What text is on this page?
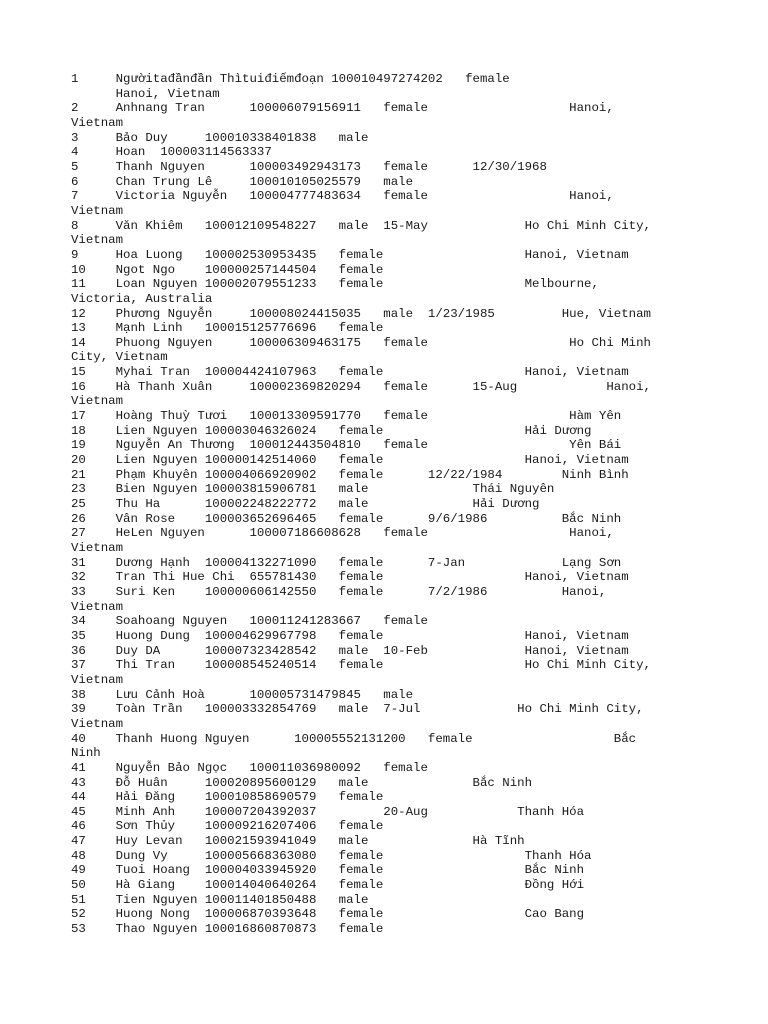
1     Ngườitađầnđần Thìtuiđiếmđoạn 100010497274202   female
Hanoi, Vietnam
2     Anhnang Tran      100006079156911   female                   Hanoi,
Vietnam
3     Bảo Duy     100010338401838   male
4     Hoan  100003114563337
5     Thanh Nguyen      100003492943173   female      12/30/1968
6     Chan Trung Lê     100010105025579   male
7     Victoria Nguyễn   100004777483634   female                   Hanoi,
Vietnam
8     Văn Khiêm   100012109548227   male  15-May             Ho Chi Minh City,
Vietnam
9     Hoa Luong   100002530953435   female                   Hanoi, Vietnam
10    Ngot Ngo    100000257144504   female
11    Loan Nguyen 100002079551233   female                   Melbourne,
Victoria, Australia
12    Phương Nguyễn     100008024415035   male  1/23/1985         Hue, Vietnam
13    Mạnh Linh   100015125776696   female
14    Phuong Nguyen     100006309463175   female                   Ho Chi Minh
City, Vietnam
15    Myhai Tran  100004424107963   female                   Hanoi, Vietnam
16    Hà Thanh Xuân     100002369820294   female      15-Aug            Hanoi,
Vietnam
17    Hoàng Thuỳ Tươi   100013309591770   female                   Hàm Yên
18    Lien Nguyen 100003046326024   female                   Hải Dương
19    Nguyễn An Thương  100012443504810   female                   Yên Bái
20    Lien Nguyen 100000142514060   female                   Hanoi, Vietnam
21    Phạm Khuyên 100004066920902   female      12/22/1984        Ninh Bình
23    Bien Nguyen 100003815906781   male              Thái Nguyên
25    Thu Ha      100002248222772   male              Hải Dương
26    Vân Rose    100003652696465   female      9/6/1986          Bắc Ninh
27    HeLen Nguyen      100007186608628   female                   Hanoi,
Vietnam
31    Dương Hạnh  100004132271090   female      7-Jan             Lạng Sơn
32    Tran Thi Hue Chi  655781430   female                   Hanoi, Vietnam
33    Suri Ken    100000606142550   female      7/2/1986          Hanoi,
Vietnam
34    Soahoang Nguyen   100011241283667   female
35    Huong Dung  100004629967798   female                   Hanoi, Vietnam
36    Duy DA      100007323428542   male  10-Feb             Hanoi, Vietnam
37    Thi Tran    100008545240514   female                   Ho Chi Minh City,
Vietnam
38    Lưu Cảnh Hoà      100005731479845   male
39    Toàn Trần   100003332854769   male  7-Jul             Ho Chi Minh City,
Vietnam
40    Thanh Huong Nguyen      100005552131200   female                   Bắc
Ninh
41    Nguyễn Bảo Ngọc   100011036980092   female
43    Đỗ Huân     100020895600129   male              Bắc Ninh
44    Hải Đăng    100010858690579   female
45    Minh Anh    100007204392037         20-Aug            Thanh Hóa
46    Sơn Thủy    100009216207406   female
47    Huy Levan   100021593941049   male              Hà Tĩnh
48    Dung Vy     100005668363080   female                   Thanh Hóa
49    Tuoi Hoang  100004033945920   female                   Bắc Ninh
50    Hà Giang    100014040640264   female                   Đồng Hới
51    Tien Nguyen 100011401850488   male
52    Huong Nong  100006870393648   female                   Cao Bang
53    Thao Nguyen 100016860870873   female
